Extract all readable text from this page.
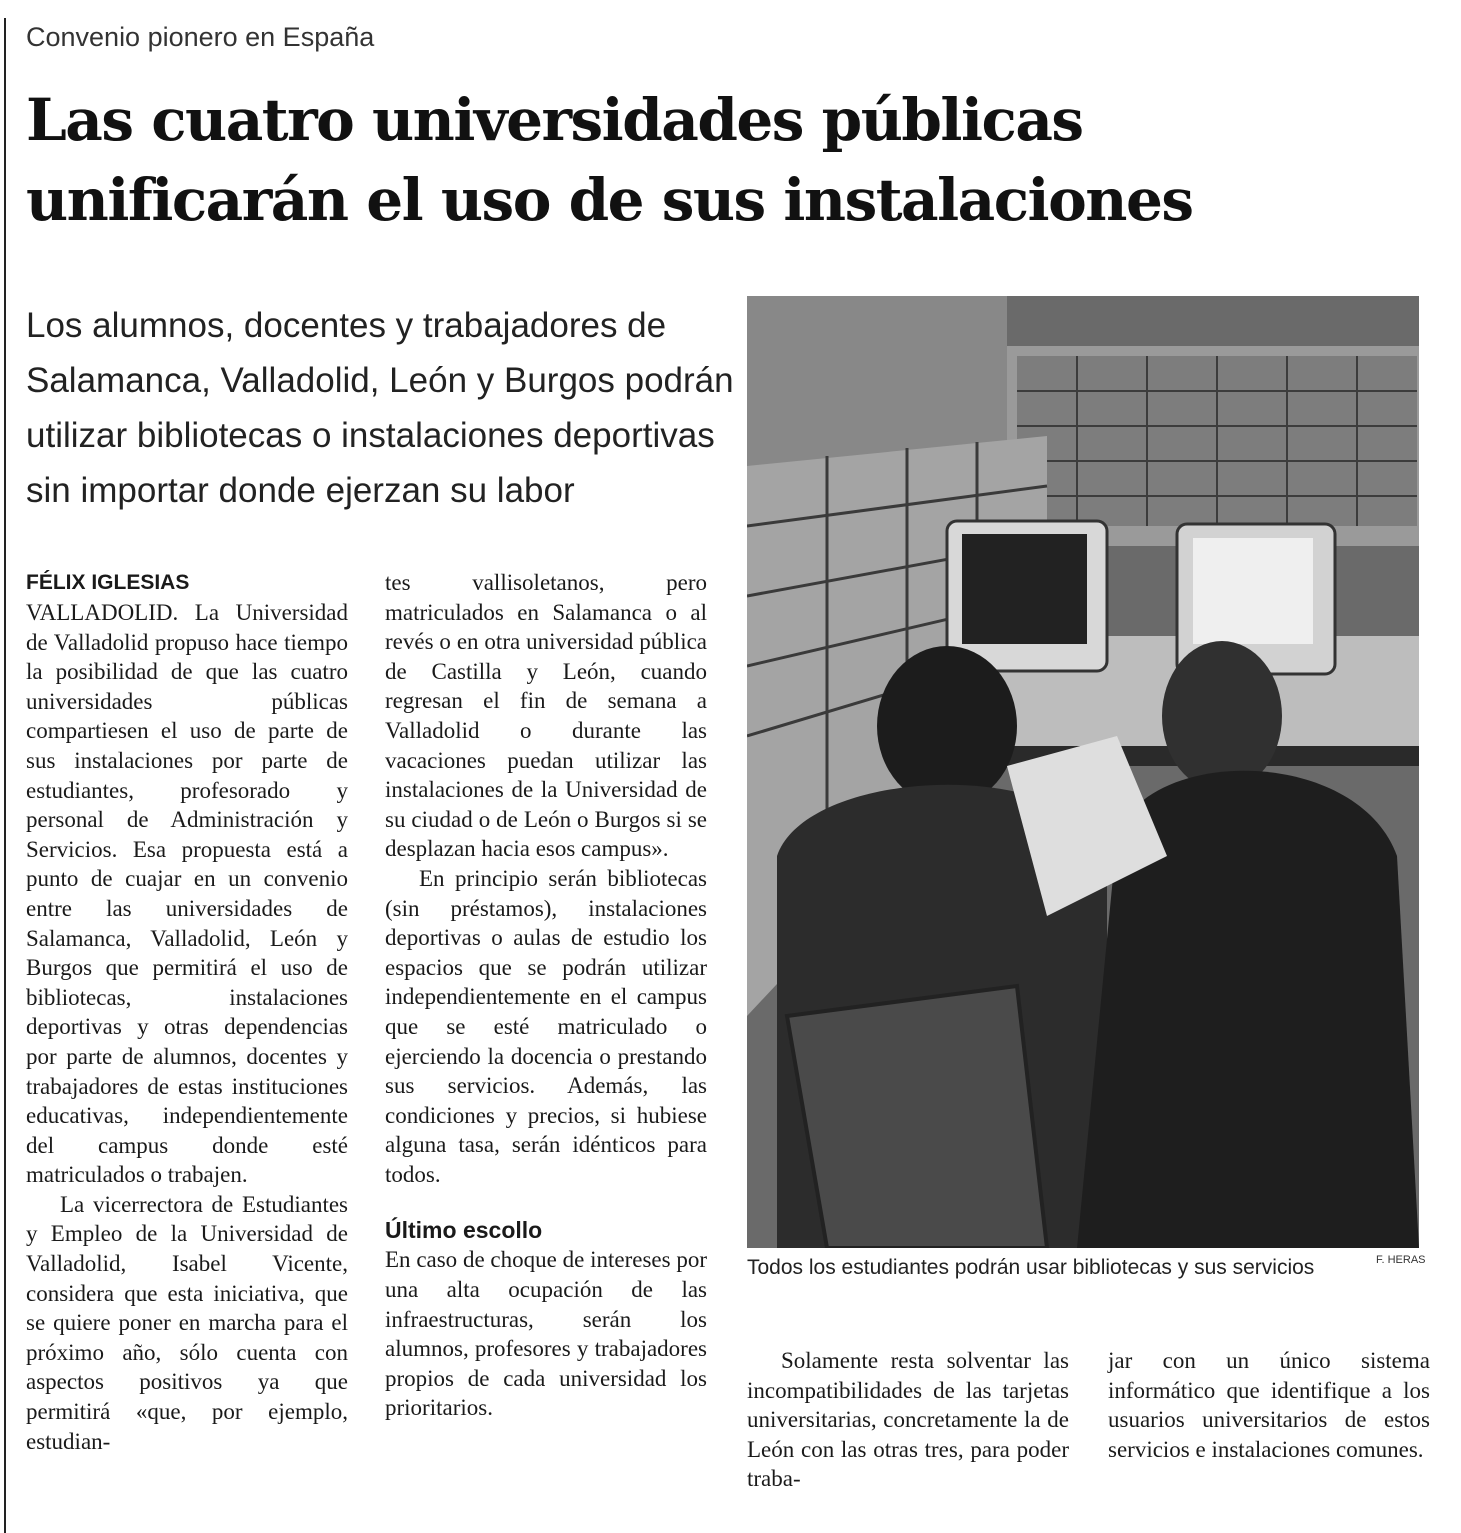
Convenio pionero en España
Las cuatro universidades públicas
unificarán el uso de sus instalaciones
Los alumnos, docentes y trabajadores de
Salamanca, Valladolid, León y Burgos podrán
utilizar bibliotecas o instalaciones deportivas
sin importar donde ejerzan su labor
FÉLIX IGLESIAS

VALLADOLID. La Universidad de Valladolid propuso hace tiempo la posibilidad de que las cuatro universidades públicas compartiesen el uso de parte de sus instalaciones por parte de estudiantes, profesorado y personal de Administración y Servicios. Esa propuesta está a punto de cuajar en un convenio entre las universidades de Salamanca, Valladolid, León y Burgos que permitirá el uso de bibliotecas, instalaciones deportivas y otras dependencias por parte de alumnos, docentes y trabajadores de estas instituciones educativas, independientemente del campus donde esté matriculados o trabajen.

La vicerrectora de Estudiantes y Empleo de la Universidad de Valladolid, Isabel Vicente, considera que esta iniciativa, que se quiere poner en marcha para el próximo año, sólo cuenta con aspectos positivos ya que permitirá «que, por ejemplo, estudian-

tes vallisoletanos, pero matriculados en Salamanca o al revés o en otra universidad pública de Castilla y León, cuando regresan el fin de semana a Valladolid o durante las vacaciones puedan utilizar las instalaciones de la Universidad de su ciudad o de León o Burgos si se desplazan hacia esos campus».

En principio serán bibliotecas (sin préstamos), instalaciones deportivas o aulas de estudio los espacios que se podrán utilizar independientemente en el campus que se esté matriculado o ejerciendo la docencia o prestando sus servicios. Además, las condiciones y precios, si hubiese alguna tasa, serán idénticos para todos.

Último escollo

En caso de choque de intereses por una alta ocupación de las infraestructuras, serán los alumnos, profesores y trabajadores propios de cada universidad los prioritarios.

Todos los estudiantes podrán usar bibliotecas y sus servicios	F. HERAS

Solamente resta solventar las incompatibilidades de las tarjetas universitarias, concretamente la de León con las otras tres, para poder traba-

jar con un único sistema informático que identifique a los usuarios universitarios de estos servicios e instalaciones comunes.
